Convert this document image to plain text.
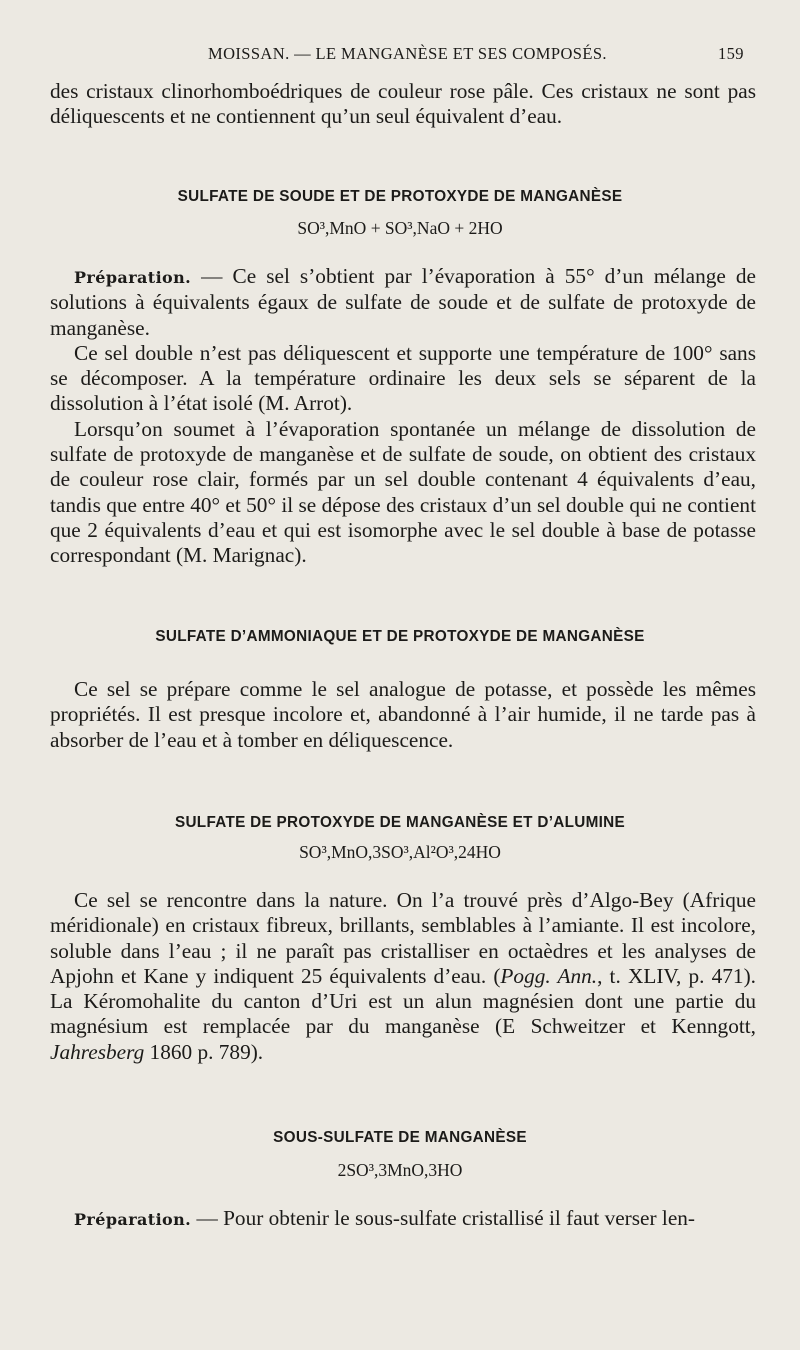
MOISSAN. — LE MANGANÈSE ET SES COMPOSÉS.	159

des cristaux clinorhomboédriques de couleur rose pâle. Ces cristaux ne sont pas déliquescents et ne contiennent qu’un seul équivalent d’eau.

SULFATE DE SOUDE ET DE PROTOXYDE DE MANGANÈSE
SO³,MnO + SO³,NaO + 2HO

Préparation. — Ce sel s’obtient par l’évaporation à 55° d’un mélange de solutions à équivalents égaux de sulfate de soude et de sulfate de protoxyde de manganèse.

Ce sel double n’est pas déliquescent et supporte une température de 100° sans se décomposer. A la température ordinaire les deux sels se séparent de la dissolution à l’état isolé (M. Arrot).

Lorsqu’on soumet à l’évaporation spontanée un mélange de dissolution de sulfate de protoxyde de manganèse et de sulfate de soude, on obtient des cristaux de couleur rose clair, formés par un sel double contenant 4 équivalents d’eau, tandis que entre 40° et 50° il se dépose des cristaux d’un sel double qui ne contient que 2 équivalents d’eau et qui est isomorphe avec le sel double à base de potasse correspondant (M. Marignac).

SULFATE D’AMMONIAQUE ET DE PROTOXYDE DE MANGANÈSE

Ce sel se prépare comme le sel analogue de potasse, et possède les mêmes propriétés. Il est presque incolore et, abandonné à l’air humide, il ne tarde pas à absorber de l’eau et à tomber en déliquescence.

SULFATE DE PROTOXYDE DE MANGANÈSE ET D’ALUMINE
SO³,MnO,3SO³,Al²O³,24HO

Ce sel se rencontre dans la nature. On l’a trouvé près d’Algo-Bey (Afrique méridionale) en cristaux fibreux, brillants, semblables à l’amiante. Il est incolore, soluble dans l’eau ; il ne paraît pas cristalliser en octaèdres et les analyses de Apjohn et Kane y indiquent 25 équivalents d’eau. (Pogg. Ann., t. XLIV, p. 471). La Kéromohalite du canton d’Uri est un alun magnésien dont une partie du magnésium est remplacée par du manganèse (E Schweitzer et Kenngott, Jahresberg 1860 p. 789).

SOUS-SULFATE DE MANGANÈSE
2SO³,3MnO,3HO

Préparation. — Pour obtenir le sous-sulfate cristallisé il faut verser len-
